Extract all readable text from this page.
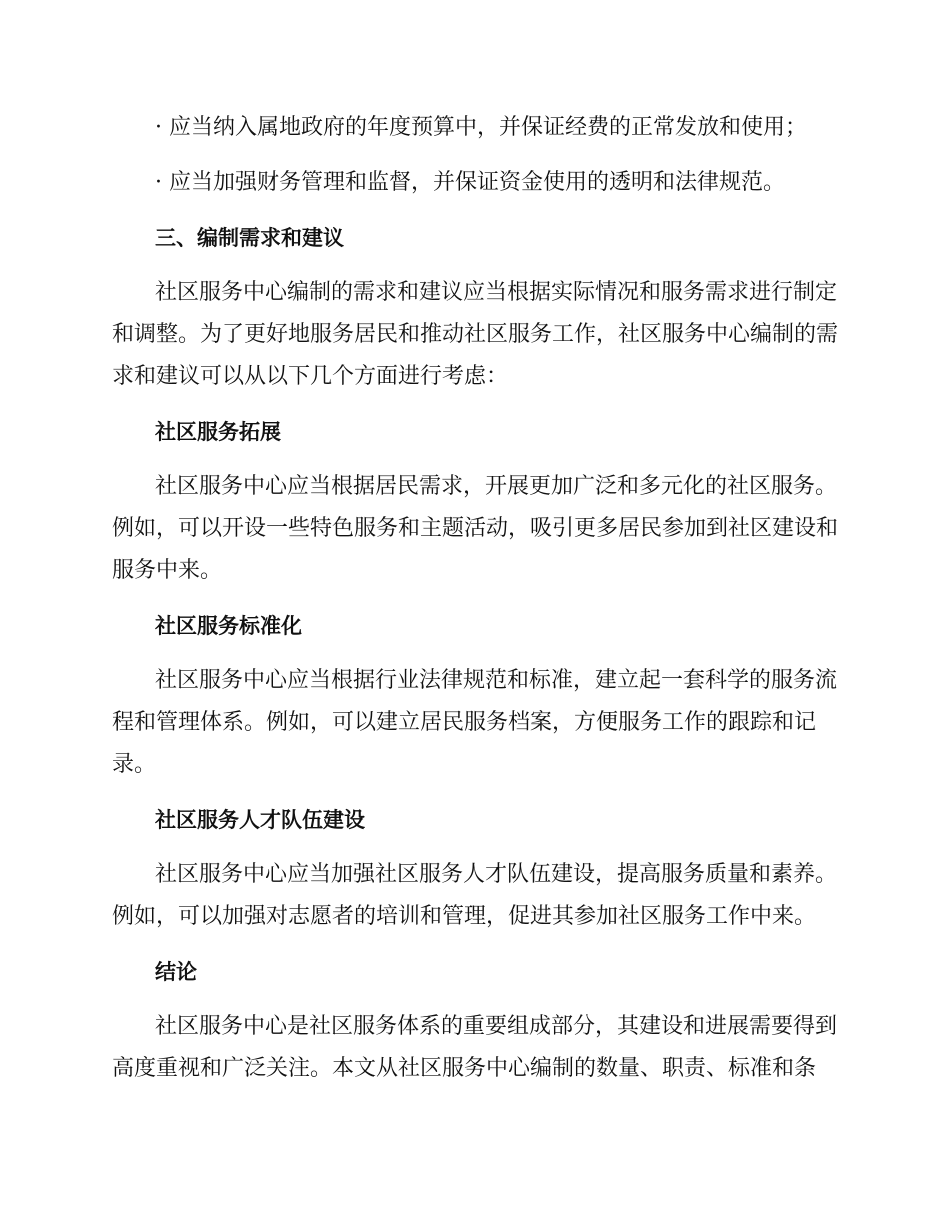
· 应当纳入属地政府的年度预算中，并保证经费的正常发放和使用；
· 应当加强财务管理和监督，并保证资金使用的透明和法律规范。
三、编制需求和建议
社区服务中心编制的需求和建议应当根据实际情况和服务需求进行制定
和调整。为了更好地服务居民和推动社区服务工作，社区服务中心编制的需
求和建议可以从以下几个方面进行考虑：
社区服务拓展
社区服务中心应当根据居民需求，开展更加广泛和多元化的社区服务。
例如，可以开设一些特色服务和主题活动，吸引更多居民参加到社区建设和
服务中来。
社区服务标准化
社区服务中心应当根据行业法律规范和标准，建立起一套科学的服务流
程和管理体系。例如，可以建立居民服务档案，方便服务工作的跟踪和记
录。
社区服务人才队伍建设
社区服务中心应当加强社区服务人才队伍建设，提高服务质量和素养。
例如，可以加强对志愿者的培训和管理，促进其参加社区服务工作中来。
结论
社区服务中心是社区服务体系的重要组成部分，其建设和进展需要得到
高度重视和广泛关注。本文从社区服务中心编制的数量、职责、标准和条
